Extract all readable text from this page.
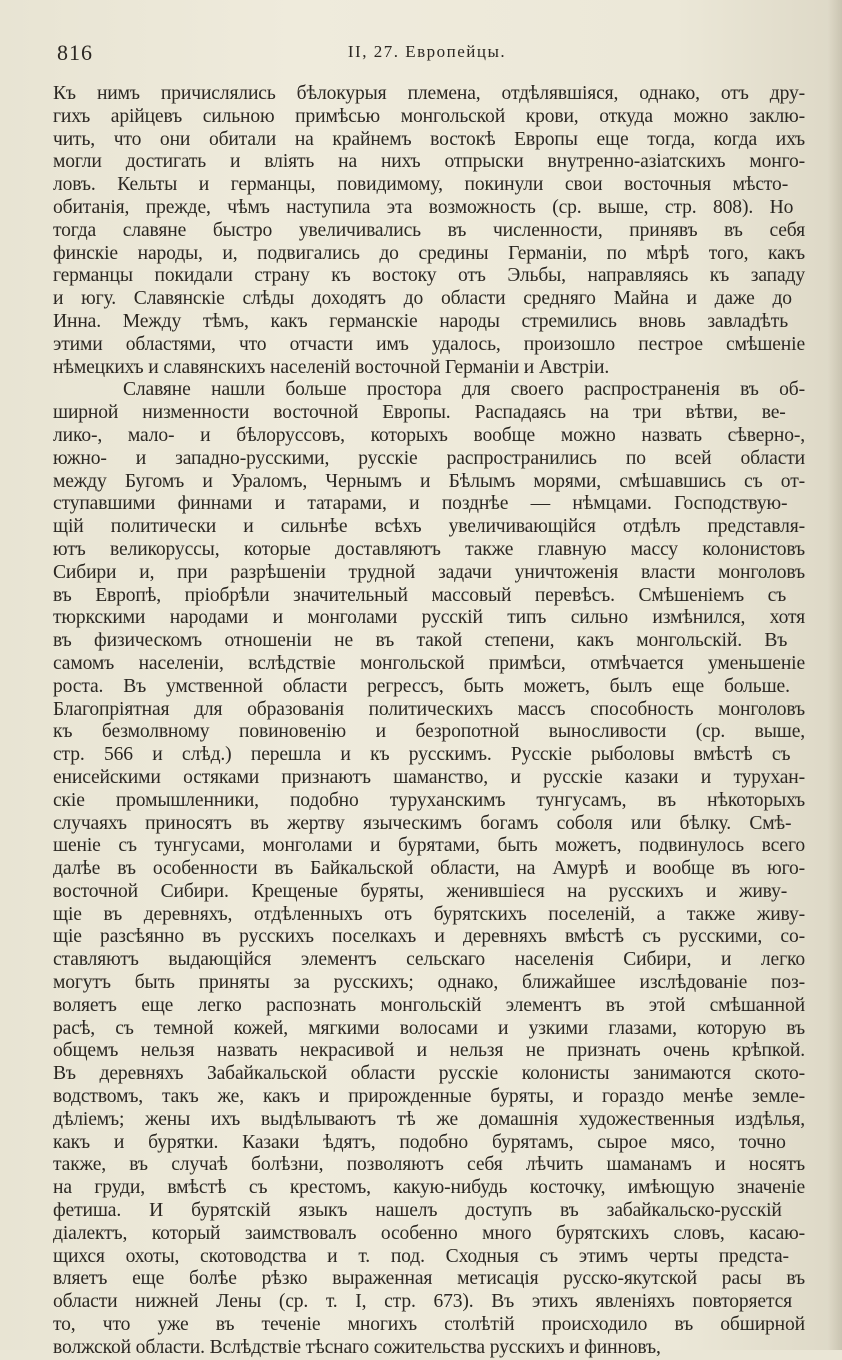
816	II, 27. Европейцы.
Къ нимъ причислялись бѣлокурыя племена, отдѣлявшіяся, однако, отъ дру-
гихъ арійцевъ сильною примѣсью монгольской крови, откуда можно заклю-
чить, что они обитали на крайнемъ востокѣ Европы еще тогда, когда ихъ
могли достигать и вліять на нихъ отпрыски внутренно-азіатскихъ монго-
ловъ. Кельты и германцы, повидимому, покинули свои восточныя мѣсто-
обитанія, прежде, чѣмъ наступила эта возможность (ср. выше, стр. 808). Но
тогда славяне быстро увеличивались въ численности, принявъ въ себя
финскіе народы, и, подвигались до средины Германіи, по мѣрѣ того, какъ
германцы покидали страну къ востоку отъ Эльбы, направляясь къ западу
и югу. Славянскіе слѣды доходятъ до области средняго Майна и даже до
Инна. Между тѣмъ, какъ германскіе народы стремились вновь завладѣть
этими областями, что отчасти имъ удалось, произошло пестрое смѣшеніе
нѣмецкихъ и славянскихъ населеній восточной Германіи и Австріи.
Славяне нашли больше простора для своего распространенія въ об-
ширной низменности восточной Европы. Распадаясь на три вѣтви, ве-
лико-, мало- и бѣлоруссовъ, которыхъ вообще можно назвать сѣверно-,
южно- и западно-русскими, русскіе распространились по всей области
между Бугомъ и Ураломъ, Чернымъ и Бѣлымъ морями, смѣшавшись съ от-
ступавшими финнами и татарами, и позднѣе — нѣмцами. Господствую-
щій политически и сильнѣе всѣхъ увеличивающійся отдѣлъ представля-
ютъ великоруссы, которые доставляютъ также главную массу колонистовъ
Сибири и, при разрѣшеніи трудной задачи уничтоженія власти монголовъ
въ Европѣ, пріобрѣли значительный массовый перевѣсъ. Смѣшеніемъ съ
тюркскими народами и монголами русскій типъ сильно измѣнился, хотя
въ физическомъ отношеніи не въ такой степени, какъ монгольскій. Въ
самомъ населеніи, вслѣдствіе монгольской примѣси, отмѣчается уменьшеніе
роста. Въ умственной области регрессъ, быть можетъ, былъ еще больше.
Благопріятная для образованія политическихъ массъ способность монголовъ
къ безмолвному повиновенію и безропотной выносливости (ср. выше,
стр. 566 и слѣд.) перешла и къ русскимъ. Русскіе рыболовы вмѣстѣ съ
енисейскими остяками признаютъ шаманство, и русскіе казаки и турухан-
скіе промышленники, подобно туруханскимъ тунгусамъ, въ нѣкоторыхъ
случаяхъ приносятъ въ жертву языческимъ богамъ соболя или бѣлку. Смѣ-
шеніе съ тунгусами, монголами и бурятами, быть можетъ, подвинулось всего
далѣе въ особенности въ Байкальской области, на Амурѣ и вообще въ юго-
восточной Сибири. Крещеные буряты, женившіеся на русскихъ и живу-
щіе въ деревняхъ, отдѣленныхъ отъ бурятскихъ поселеній, а также живу-
щіе разсѣянно въ русскихъ поселкахъ и деревняхъ вмѣстѣ съ русскими, со-
ставляютъ выдающійся элементъ сельскаго населенія Сибири, и легко
могутъ быть приняты за русскихъ; однако, ближайшее изслѣдованіе поз-
воляетъ еще легко распознать монгольскій элементъ въ этой смѣшанной
расѣ, съ темной кожей, мягкими волосами и узкими глазами, которую въ
общемъ нельзя назвать некрасивой и нельзя не признать очень крѣпкой.
Въ деревняхъ Забайкальской области русскіе колонисты занимаются ското-
водствомъ, такъ же, какъ и прирожденные буряты, и гораздо менѣе земле-
дѣліемъ; жены ихъ выдѣлываютъ тѣ же домашнія художественныя издѣлья,
какъ и бурятки. Казаки ѣдятъ, подобно бурятамъ, сырое мясо, точно
также, въ случаѣ болѣзни, позволяютъ себя лѣчить шаманамъ и носятъ
на груди, вмѣстѣ съ крестомъ, какую-нибудь косточку, имѣющую значеніе
фетиша. И бурятскій языкъ нашелъ доступъ въ забайкальско-русскій
діалектъ, который заимствовалъ особенно много бурятскихъ словъ, касаю-
щихся охоты, скотоводства и т. под. Сходныя съ этимъ черты предста-
вляетъ еще болѣе рѣзко выраженная метисація русско-якутской расы въ
области нижней Лены (ср. т. I, стр. 673). Въ этихъ явленіяхъ повторяется
то, что уже въ теченіе многихъ столѣтій происходило въ обширной
волжской области. Вслѣдствіе тѣснаго сожительства русскихъ и финновъ,
